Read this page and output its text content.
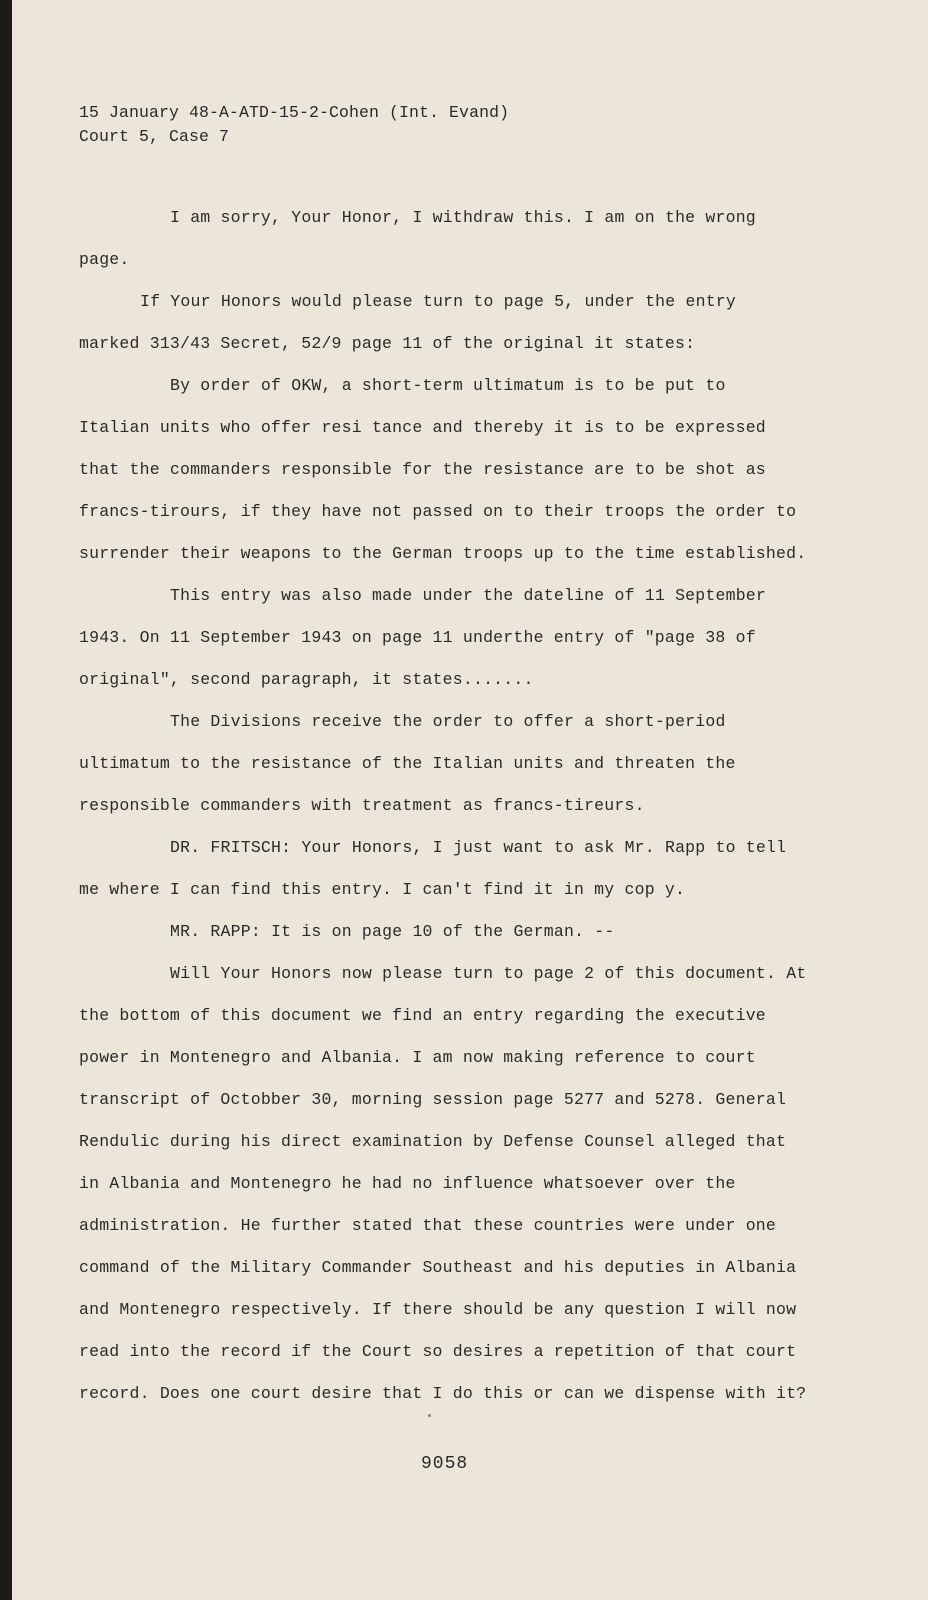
15 January 48-A-ATD-15-2-Cohen (Int. Evand)

Court 5, Case 7

I am sorry, Your Honor, I withdraw this. I am on the wrong

page.

If Your Honors would please turn to page 5, under the entry

marked 313/43 Secret, 52/9 page 11 of the original it states:

By order of OKW, a short-term ultimatum is to be put to

Italian units who offer resi tance and thereby it is to be expressed

that the commanders responsible for the resistance are to be shot as

francs-tirours, if they have not passed on to their troops the order to

surrender their weapons to the German troops up to the time established.

This entry was also made under the dateline of 11 September

1943. On 11 September 1943 on page 11 underthe entry of "page 38 of

original", second paragraph, it states.......

The Divisions receive the order to offer a short-period

ultimatum to the resistance of the Italian units and threaten the

responsible commanders with treatment as francs-tireurs.

DR. FRITSCH: Your Honors, I just want to ask Mr. Rapp to tell

me where I can find this entry. I can't find it in my cop y.

MR. RAPP: It is on page 10 of the German. --

Will Your Honors now please turn to page 2 of this document. At

the bottom of this document we find an entry regarding the executive

power in Montenegro and Albania. I am now making reference to court

transcript of Octobber 30, morning session page 5277 and 5278. General

Rendulic during his direct examination by Defense Counsel alleged that

in Albania and Montenegro he had no influence whatsoever over the

administration. He further stated that these countries were under one

command of the Military Commander Southeast and his deputies in Albania

and Montenegro respectively. If there should be any question I will now

read into the record if the Court so desires a repetition of that court

record. Does one court desire that I do this or can we dispense with it?

9058
